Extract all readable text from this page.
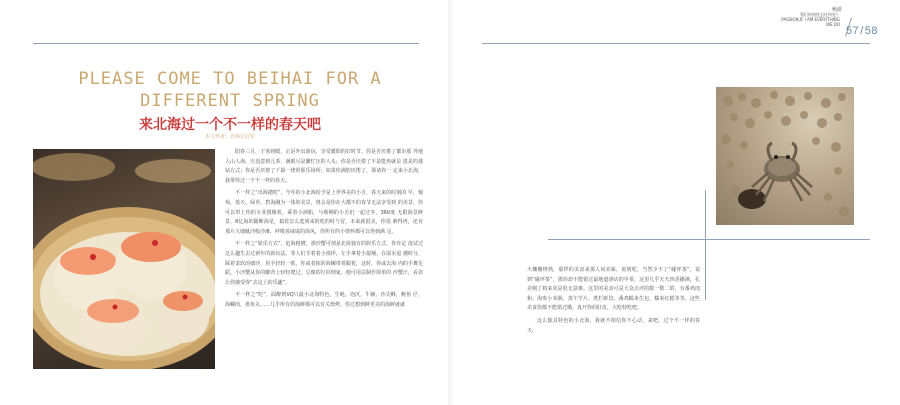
畅游
我们的热忱去往何处？
PASSION,IF I AM EVERYTHING
WE DO
57/58
PLEASE COME TO BEIHAI FOR A DIFFERENT SPRING
来北海过一个不一样的春天吧
本文作者：北海总冠军

阳春三月，于寒初暖，正是外出游玩，享受暖阳的好时节。你是否厌倦了都市那 外地人山人海，压没意到儿茶，满眼尽是繁忙压的人头；你是否厌倦了不是能再就是 恩是的那钻方式；你是否厌倦了千篇一律的那乐场所；如果你满腔厌倦了，那请你一 定来小北海，我带你过一个不一样的春天。

不一样之“出海踏吃”，今年的小北海给予是上世界美的小舌，春天来的时刻的 早，葡萄，蓝天、绿草，碧海融为一体的美景，将会是你在大都不的春节无法享受到 的美景，你可以带上你的专业摄像机，乘着小酒船，与蔡柳的小舌们一起过冬，360度 无限海景鲜景，8亿海的随断海星，搞着怎么选到来的吃的时与冒，本来就很美，你很 难得再，还有那片大细腻沙般沙滩，呼吸着咸咸的海风，你所有的小情怀都可以得到满 足。

不一样之“娱乐方式”，赶海粗槽，那沙蟹可谓是北海独有的娱乐方式，你肯定 没试过这么趣生去过新年的新玩法。等人们手着着小部伊，左手拿着小提桶，在湿水退 潮时分，踩着柔软的细沙，用手轻轻一抓，你或者拣的海螺带着跟着，这时，你或去海 内的手舞足蹈。小沙蟹从你的脚背上轻轻爬过，总像的钉回到家，便可用法制作简单的 沙蟹汁，看表让你感受得“去这上的乐趣”。

不一样之“吃”，面醉到VQ只最小北海特色，生蚝，泡沉，牛腩、沙尖酥，鲍鱼 仔，海螺肉，墨鱼丸……几乎所有的海鲜都可以有关烧烤，你过想到鲜更美的海鲜就就

火棚棚烤熟，那样的美食来那人间美味。说到吃，当然少不了“碰坪茶”，说到“碰坪茶”，那你却不能错过最地道酒店的早茶，这里几乎天天四香播满，孔差刚了将来更是很无意难。这里的美食可是大众点评的数一数二的，有番鸡肉和、海参小米粥、蒸午芋片、煮栏虾饺、番鸡糯米生包、糯米红糕等等，这些美食你都不能错过哦，真开你的肚皮，大吃特吃吧。

这么独具特色的小北海，我就不相信你不心动，来吧，过个不一样的春天。
